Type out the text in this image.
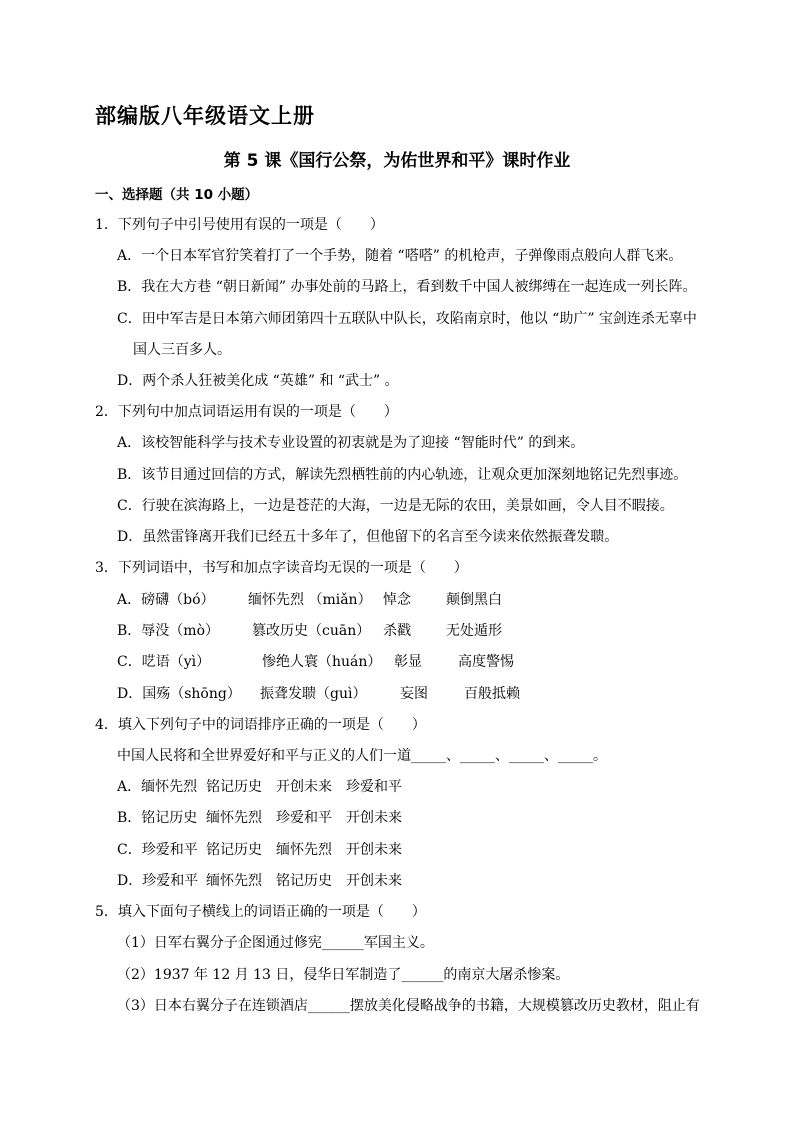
部编版八年级语文上册
第 5 课《国行公祭，为佑世界和平》课时作业
一、选择题（共 10 小题）
1．下列句子中引号使用有误的一项是（　　）
A．一个日本军官狞笑着打了一个手势，随着 “嗒嗒” 的机枪声，子弹像雨点般向人群飞来。
B．我在大方巷 “朝日新闻” 办事处前的马路上，看到数千中国人被绑缚在一起连成一列长阵。
C．田中军吉是日本第六师团第四十五联队中队长，攻陷南京时，他以 “助广” 宝剑连杀无辜中
国人三百多人。
D．两个杀人狂被美化成 “英雄” 和 “武士” 。
2．下列句中加点词语运用有误的一项是（　　）
A．该校智能科学与技术专业设置的初衷就是为了迎接 “智能时代” 的到来。
B．该节目通过回信的方式，解读先烈栖牲前的内心轨迹，让观众更加深刻地铭记先烈事迹。
C．行驶在滨海路上，一边是苍茫的大海，一边是无际的农田，美景如画，令人目不暇接。
D．虽然雷锋离开我们已经五十多年了，但他留下的名言至今读来依然振聋发聩。
3．下列词语中，书写和加点字读音均无误的一项是（　　）
A．磅礴（bó） 缅怀先烈 （miǎn） 悼念	颠倒黑白
B．辱没（mò） 篡改历史（cuān） 杀戳	无处遁形
C．呓语（yì）	惨绝人寰（huán） 彰显	高度警惕
D．国殇（shōng） 振聋发聩（guì） 妄图	百般抵赖
4．填入下列句子中的词语排序正确的一项是（　　）
中国人民将和全世界爱好和平与正义的人们一道_____、_____、_____、_____。
A．缅怀先烈 铭记历史 开创未来 珍爱和平
B．铭记历史 缅怀先烈 珍爱和平 开创未来
C．珍爱和平 铭记历史 缅怀先烈 开创未来
D．珍爱和平 缅怀先烈 铭记历史 开创未来
5．填入下面句子横线上的词语正确的一项是（　　）
（1）日军右翼分子企图通过修宪______军国主义。
（2）1937 年 12 月 13 日，侵华日军制造了______的南京大屠杀惨案。
（3）日本右翼分子在连锁酒店______摆放美化侵略战争的书籍，大规模篡改历史教材，阻止有
